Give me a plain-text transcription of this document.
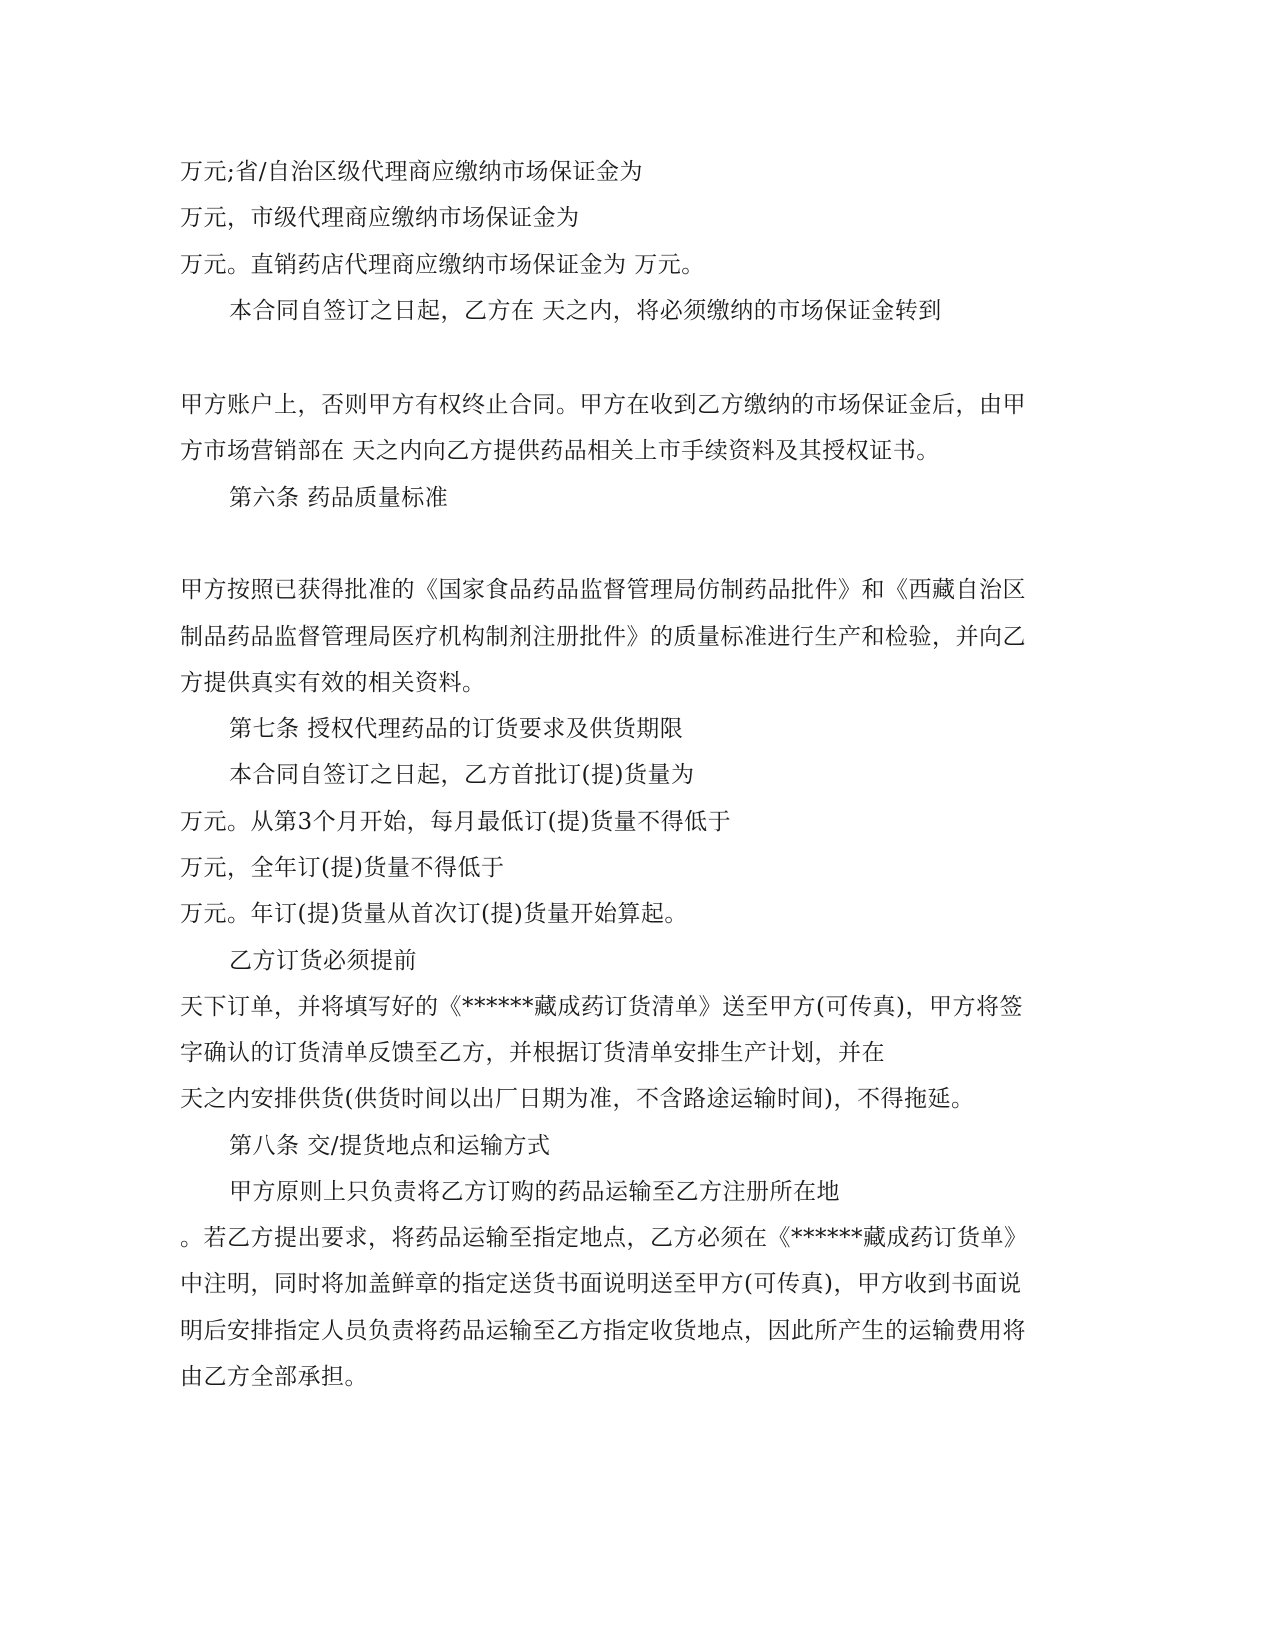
万元;省/自治区级代理商应缴纳市场保证金为
万元，市级代理商应缴纳市场保证金为
万元。直销药店代理商应缴纳市场保证金为 万元。
本合同自签订之日起，乙方在 天之内，将必须缴纳的市场保证金转到
甲方账户上，否则甲方有权终止合同。甲方在收到乙方缴纳的市场保证金后，由甲
方市场营销部在 天之内向乙方提供药品相关上市手续资料及其授权证书。
第六条 药品质量标准
甲方按照已获得批准的《国家食品药品监督管理局仿制药品批件》和《西藏自治区
制品药品监督管理局医疗机构制剂注册批件》的质量标准进行生产和检验，并向乙
方提供真实有效的相关资料。
第七条 授权代理药品的订货要求及供货期限
本合同自签订之日起，乙方首批订(提)货量为
万元。从第3个月开始，每月最低订(提)货量不得低于
万元，全年订(提)货量不得低于
万元。年订(提)货量从首次订(提)货量开始算起。
乙方订货必须提前
天下订单，并将填写好的《******藏成药订货清单》送至甲方(可传真)，甲方将签
字确认的订货清单反馈至乙方，并根据订货清单安排生产计划，并在
天之内安排供货(供货时间以出厂日期为准，不含路途运输时间)，不得拖延。
第八条 交/提货地点和运输方式
甲方原则上只负责将乙方订购的药品运输至乙方注册所在地
。若乙方提出要求，将药品运输至指定地点，乙方必须在《******藏成药订货单》
中注明，同时将加盖鲜章的指定送货书面说明送至甲方(可传真)，甲方收到书面说
明后安排指定人员负责将药品运输至乙方指定收货地点，因此所产生的运输费用将
由乙方全部承担。
